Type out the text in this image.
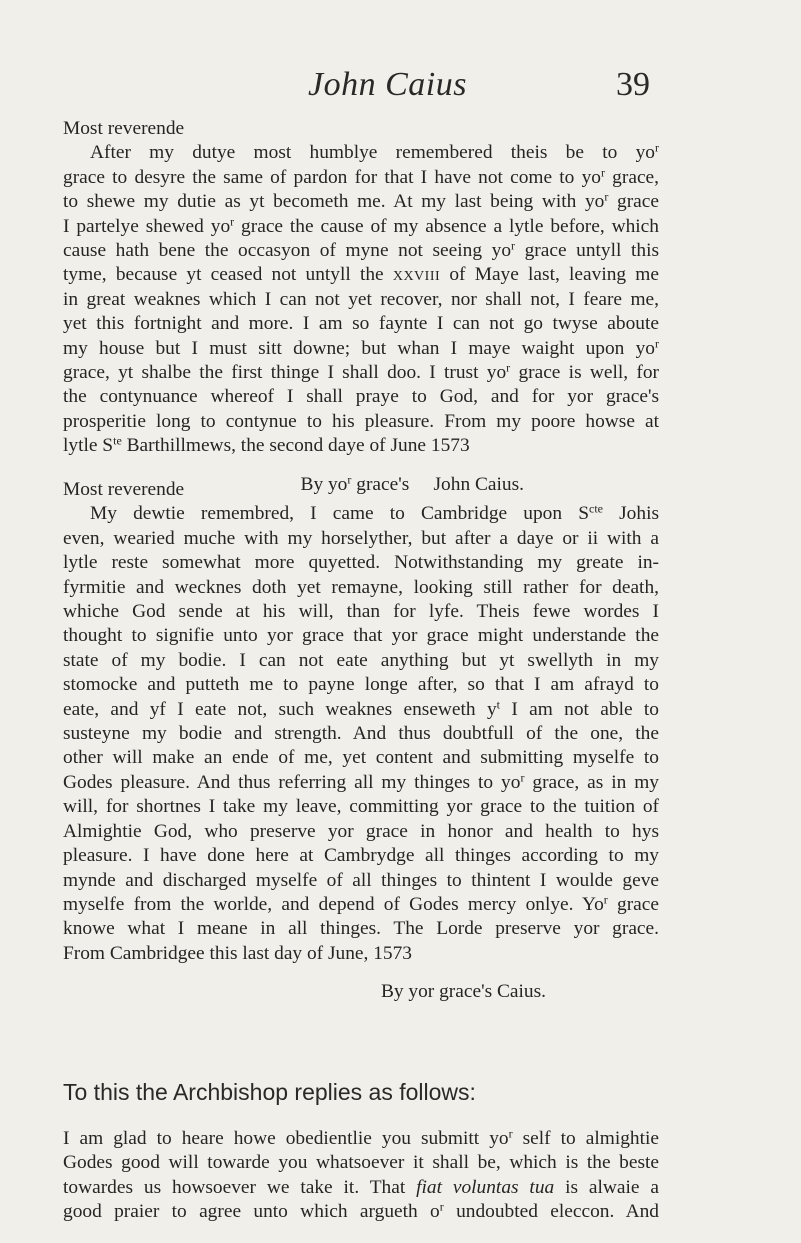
John Caius	39
Most reverende
After my dutye most humblye remembered theis be to $yo^r$
grace to desyre the same of pardon for that I have not come to $yo^r$ grace,
to shewe my dutie as yt becometh me. At my last being with $yo^r$ grace
I partelye shewed $yo^r$ grace the cause of my absence a lytle before, which
cause hath bene the occasyon of myne not seeing $yo^r$ grace untyll this
tyme, because yt ceased not untyll the xxviii of Maye last, leaving me
in great weaknes which I can not yet recover, nor shall not, I feare me,
yet this fortnight and more. I am so faynte I can not go twyse aboute
my house but I must sitt downe; but whan I maye waight upon $yo^r$
grace, yt shalbe the first thinge I shall doo. I trust $yo^r$ grace is well, for
the contynuance whereof I shall praye to God, and for yor grace's
prosperitie long to contynue to his pleasure. From my poore howse at
lytle $S^{te}$ Barthillmews, the second daye of June 1573
By $yo^r$ grace's     John Caius.
Most reverende
My dewtie remembred, I came to Cambridge upon $S^{cte}$ Johis
even, wearied muche with my horselyther, but after a daye or ii with a
lytle reste somewhat more quyetted. Notwithstanding my greate in-
fyrmitie and wecknes doth yet remayne, looking still rather for death,
whiche God sende at his will, than for lyfe. Theis fewe wordes I
thought to signifie unto yor grace that yor grace might understande the
state of my bodie. I can not eate anything but yt swellyth in my
stomocke and putteth me to payne longe after, so that I am afrayd to
eate, and yf I eate not, such weaknes enseweth $y^t$ I am not able to
susteyne my bodie and strength. And thus doubtfull of the one, the
other will make an ende of me, yet content and submitting myselfe to
Godes pleasure. And thus referring all my thinges to $yo^r$ grace, as in my
will, for shortnes I take my leave, committing yor grace to the tuition of
Almightie God, who preserve yor grace in honor and health to hys
pleasure. I have done here at Cambrydge all thinges according to my
mynde and discharged myselfe of all thinges to thintent I woulde geve
myselfe from the worlde, and depend of Godes mercy onlye. Yo$^r$ grace
knowe what I meane in all thinges. The Lorde preserve yor grace.
From Cambridgee this last day of June, 1573
By yor grace's Caius.
To this the Archbishop replies as follows:
I am glad to heare howe obedientlie you submitt $yo^r$ self to almightie
Godes good will towarde you whatsoever it shall be, which is the beste
towardes us howsoever we take it. That fiat voluntas tua is alwaie a
good praier to agree unto which argueth $o^r$ undoubted eleccon. And
